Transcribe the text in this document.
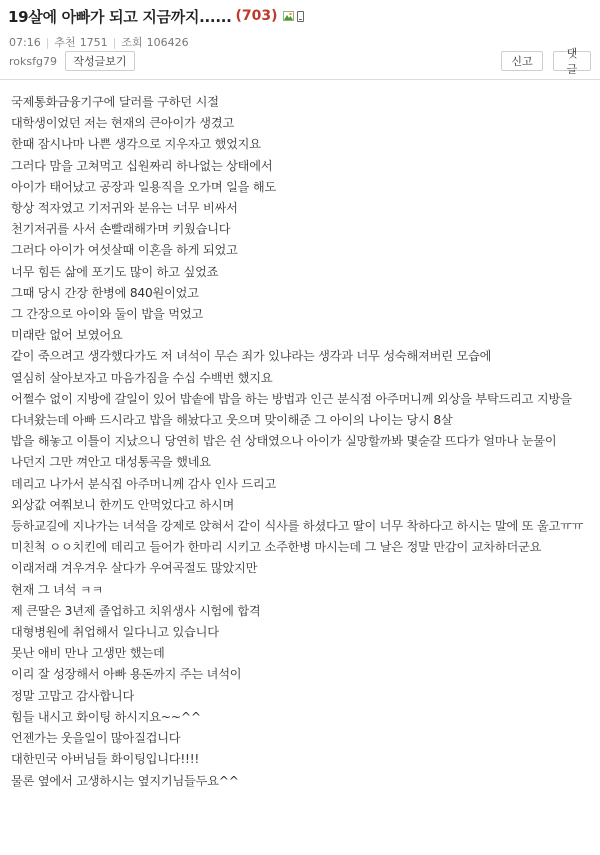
19살에 아빠가 되고 지금까지...... (703)
07:16 | 추천 1751 | 조회 106426
roksfg79	작성글보기	신고
댓글

국제통화금융기구에 달러를 구하던 시절

대학생이었던 저는 현재의 큰아이가 생겼고

한때 잠시나마 나쁜 생각으로 지우자고 했었지요

그러다 맘을 고쳐먹고 십원짜리 하나없는 상태에서

아이가 태어났고 공장과 일용직을 오가며 일을 해도

항상 적자였고 기저귀와 분유는 너무 비싸서

천기저귀를 사서 손빨래해가며 키웠습니다

그러다 아이가 여섯살때 이혼을 하게 되었고

너무 힘든 삶에 포기도 많이 하고 싶었죠

그때 당시 간장 한병에 840원이었고

그 간장으로 아이와 둘이 밥을 먹었고

미래란 없어 보였어요

같이 죽으려고 생각했다가도 저 녀석이 무슨 죄가 있냐라는 생각과 너무 성숙해져버린 모습에

열심히 살아보자고 마음가짐을 수십 수백번 했지요

어쩔수 없이 지방에 갈일이 있어 밥솥에 밥을 하는 방법과 인근 분식점 아주머니께 외상을 부탁드리고 지방을 다녀왔는데 아빠 드시라고 밥을 해놨다고 웃으며 맞이해준 그 아이의 나이는 당시 8살

밥을 해놓고 이틀이 지났으니 당연히 밥은 쉰 상태였으나 아이가 실망할까봐 몇숟갈 뜨다가 얼마나 눈물이 나던지 그만 껴안고 대성통곡을 했네요

데리고 나가서 분식집 아주머니께 감사 인사 드리고

외상값 여쭤보니 한끼도 안먹었다고 하시며

등하교길에 지나가는 녀석을 강제로 앉혀서 같이 식사를 하셨다고 딸이 너무 착하다고 하시는 말에 또 울고ㅠㅠ

미친척 ㅇㅇ치킨에 데리고 들어가 한마리 시키고 소주한병 마시는데 그 날은 정말 만감이 교차하더군요

이래저래 겨우겨우 살다가 우여곡절도 많았지만

현재 그 녀석 ㅋㅋ

제 큰딸은 3년제 졸업하고 치위생사 시험에 합격

대형병원에 취업해서 일다니고 있습니다

못난 애비 만나 고생만 했는데

이리 잘 성장해서 아빠 용돈까지 주는 녀석이

정말 고맙고 감사합니다

힘들 내시고 화이팅 하시지요~~^^

언젠가는 웃을일이 많아질겁니다

대한민국 아버님들 화이팅입니다!!!!

물론 옆에서 고생하시는 옆지기님들두요^^
